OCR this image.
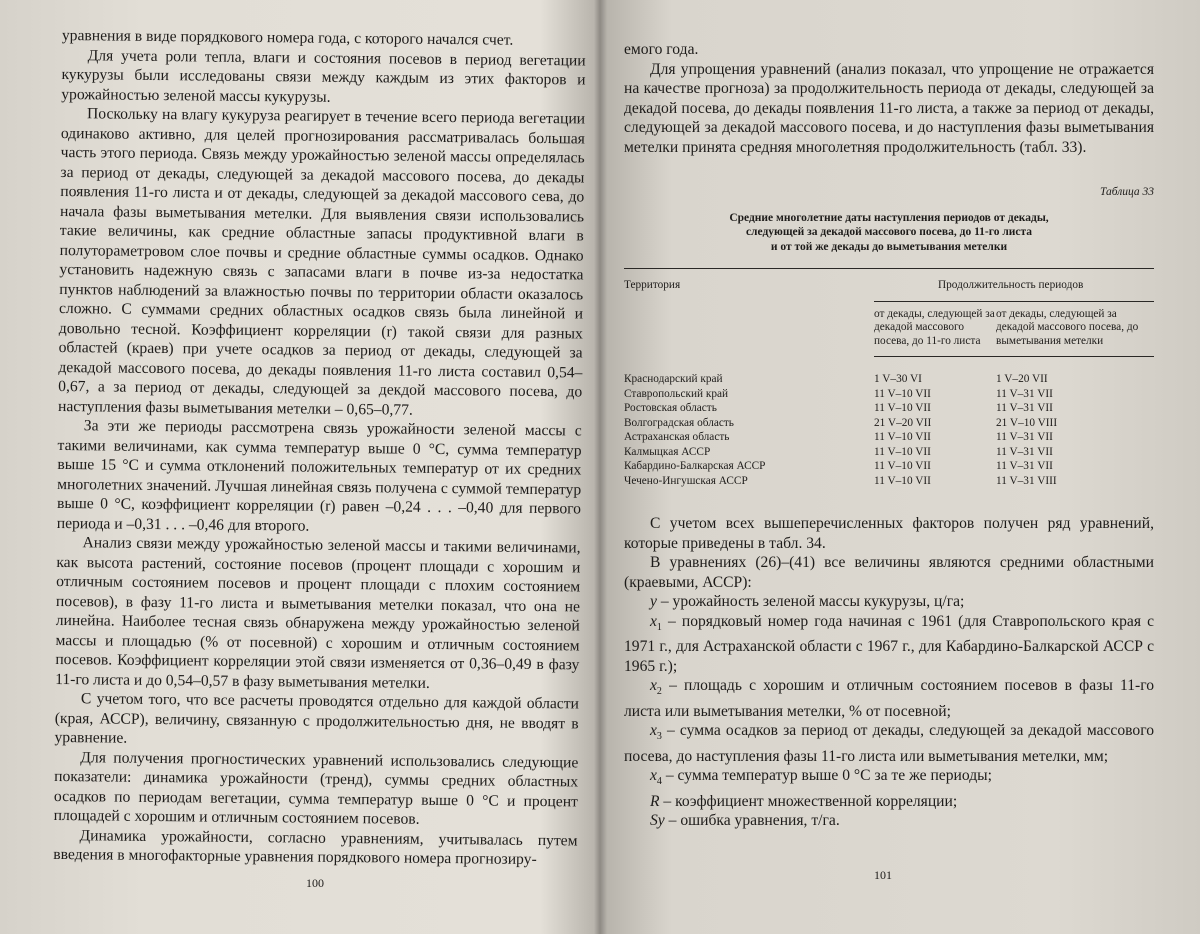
уравнения в виде порядкового номера года, с которого начался счет.

Для учета роли тепла, влаги и состояния посевов в период вегетации кукурузы были исследованы связи между каждым из этих факторов и урожайностью зеленой массы кукурузы.

Поскольку на влагу кукуруза реагирует в течение всего периода вегетации одинаково активно, для целей прогнозирования рассматривалась большая часть этого периода. Связь между урожайностью зеленой массы определялась за период от декады, следующей за декадой массового посева, до декады появления 11-го листа и от декады, следующей за декадой массового сева, до начала фазы выметывания метелки. Для выявления связи использовались такие величины, как средние областные запасы продуктивной влаги в полутораметровом слое почвы и средние областные суммы осадков. Однако установить надежную связь с запасами влаги в почве из-за недостатка пунктов наблюдений за влажностью почвы по территории области оказалось сложно. С суммами средних областных осадков связь была линейной и довольно тесной. Коэффициент корреляции (r) такой связи для разных областей (краев) при учете осадков за период от декады, следующей за декадой массового посева, до декады появления 11-го листа составил 0,54–0,67, а за период от декады, следующей за декдой массового посева, до наступления фазы выметывания метелки – 0,65–0,77.

За эти же периоды рассмотрена связь урожайности зеленой массы с такими величинами, как сумма температур выше 0 °С, сумма температур выше 15 °С и сумма отклонений положительных температур от их средних многолетних значений. Лучшая линейная связь получена с суммой температур выше 0 °С, коэффициент корреляции (r) равен –0,24 . . . –0,40 для первого периода и –0,31 . . . –0,46 для второго.

Анализ связи между урожайностью зеленой массы и такими величинами, как высота растений, состояние посевов (процент площади с хорошим и отличным состоянием посевов и процент площади с плохим состоянием посевов), в фазу 11-го листа и выметывания метелки показал, что она не линейна. Наиболее тесная связь обнаружена между урожайностью зеленой массы и площадью (% от посевной) с хорошим и отличным состоянием посевов. Коэффициент корреляции этой связи изменяется от 0,36–0,49 в фазу 11-го листа и до 0,54–0,57 в фазу выметывания метелки.

С учетом того, что все расчеты проводятся отдельно для каждой области (края, АССР), величину, связанную с продолжительностью дня, не вводят в уравнение.

Для получения прогностических уравнений использовались следующие показатели: динамика урожайности (тренд), суммы средних областных осадков по периодам вегетации, сумма температур выше 0 °С и процент площадей с хорошим и отличным состоянием посевов.

Динамика урожайности, согласно уравнениям, учитывалась путем введения в многофакторные уравнения порядкового номера прогнозиру-

100

емого года.

Для упрощения уравнений (анализ показал, что упрощение не отражается на качестве прогноза) за продолжительность периода от декады, следующей за декадой посева, до декады появления 11-го листа, а также за период от декады, следующей за декадой массового посева, и до наступления фазы выметывания метелки принята средняя многолетняя продолжительность (табл. 33).

Таблица 33
Средние многолетние даты наступления периодов от декады,
следующей за декадой массового посева, до 11-го листа
и от той же декады до выметывания метелки
Территория	Продолжительность периодов	
	от декады, следующей за декадой массового посева, до 11-го листа	от декады, следующей за декадой массового посева, до выметывания метелки
Краснодарский край	1 V–30 VI	1 V–20 VII
Ставропольский край	11 V–10 VII	11 V–31 VII
Ростовская область	11 V–10 VII	11 V–31 VII
Волгоградская область	21 V–20 VII	21 V–10 VIII
Астраханская область	11 V–10 VII	11 V–31 VII
Калмыцкая АССР	11 V–10 VII	11 V–31 VII
Кабардино-Балкарская АССР	11 V–10 VII	11 V–31 VII
Чечено-Ингушская АССР	11 V–10 VII	11 V–31 VIII

С учетом всех вышеперечисленных факторов получен ряд уравнений, которые приведены в табл. 34.

В уравнениях (26)–(41) все величины являются средними областными (краевыми, АССР):

y – урожайность зеленой массы кукурузы, ц/га;

$x_1$ – порядковый номер года начиная с 1961 (для Ставропольского края с 1971 г., для Астраханской области с 1967 г., для Кабардино-Балкарской АССР с 1965 г.);

$x_2$ – площадь с хорошим и отличным состоянием посевов в фазы 11-го листа или выметывания метелки, % от посевной;

$x_3$ – сумма осадков за период от декады, следующей за декадой массового посева, до наступления фазы 11-го листа или выметывания метелки, мм;

$x_4$ – сумма температур выше 0 °С за те же периоды;

R – коэффициент множественной корреляции;

Sy – ошибка уравнения, т/га.

101
